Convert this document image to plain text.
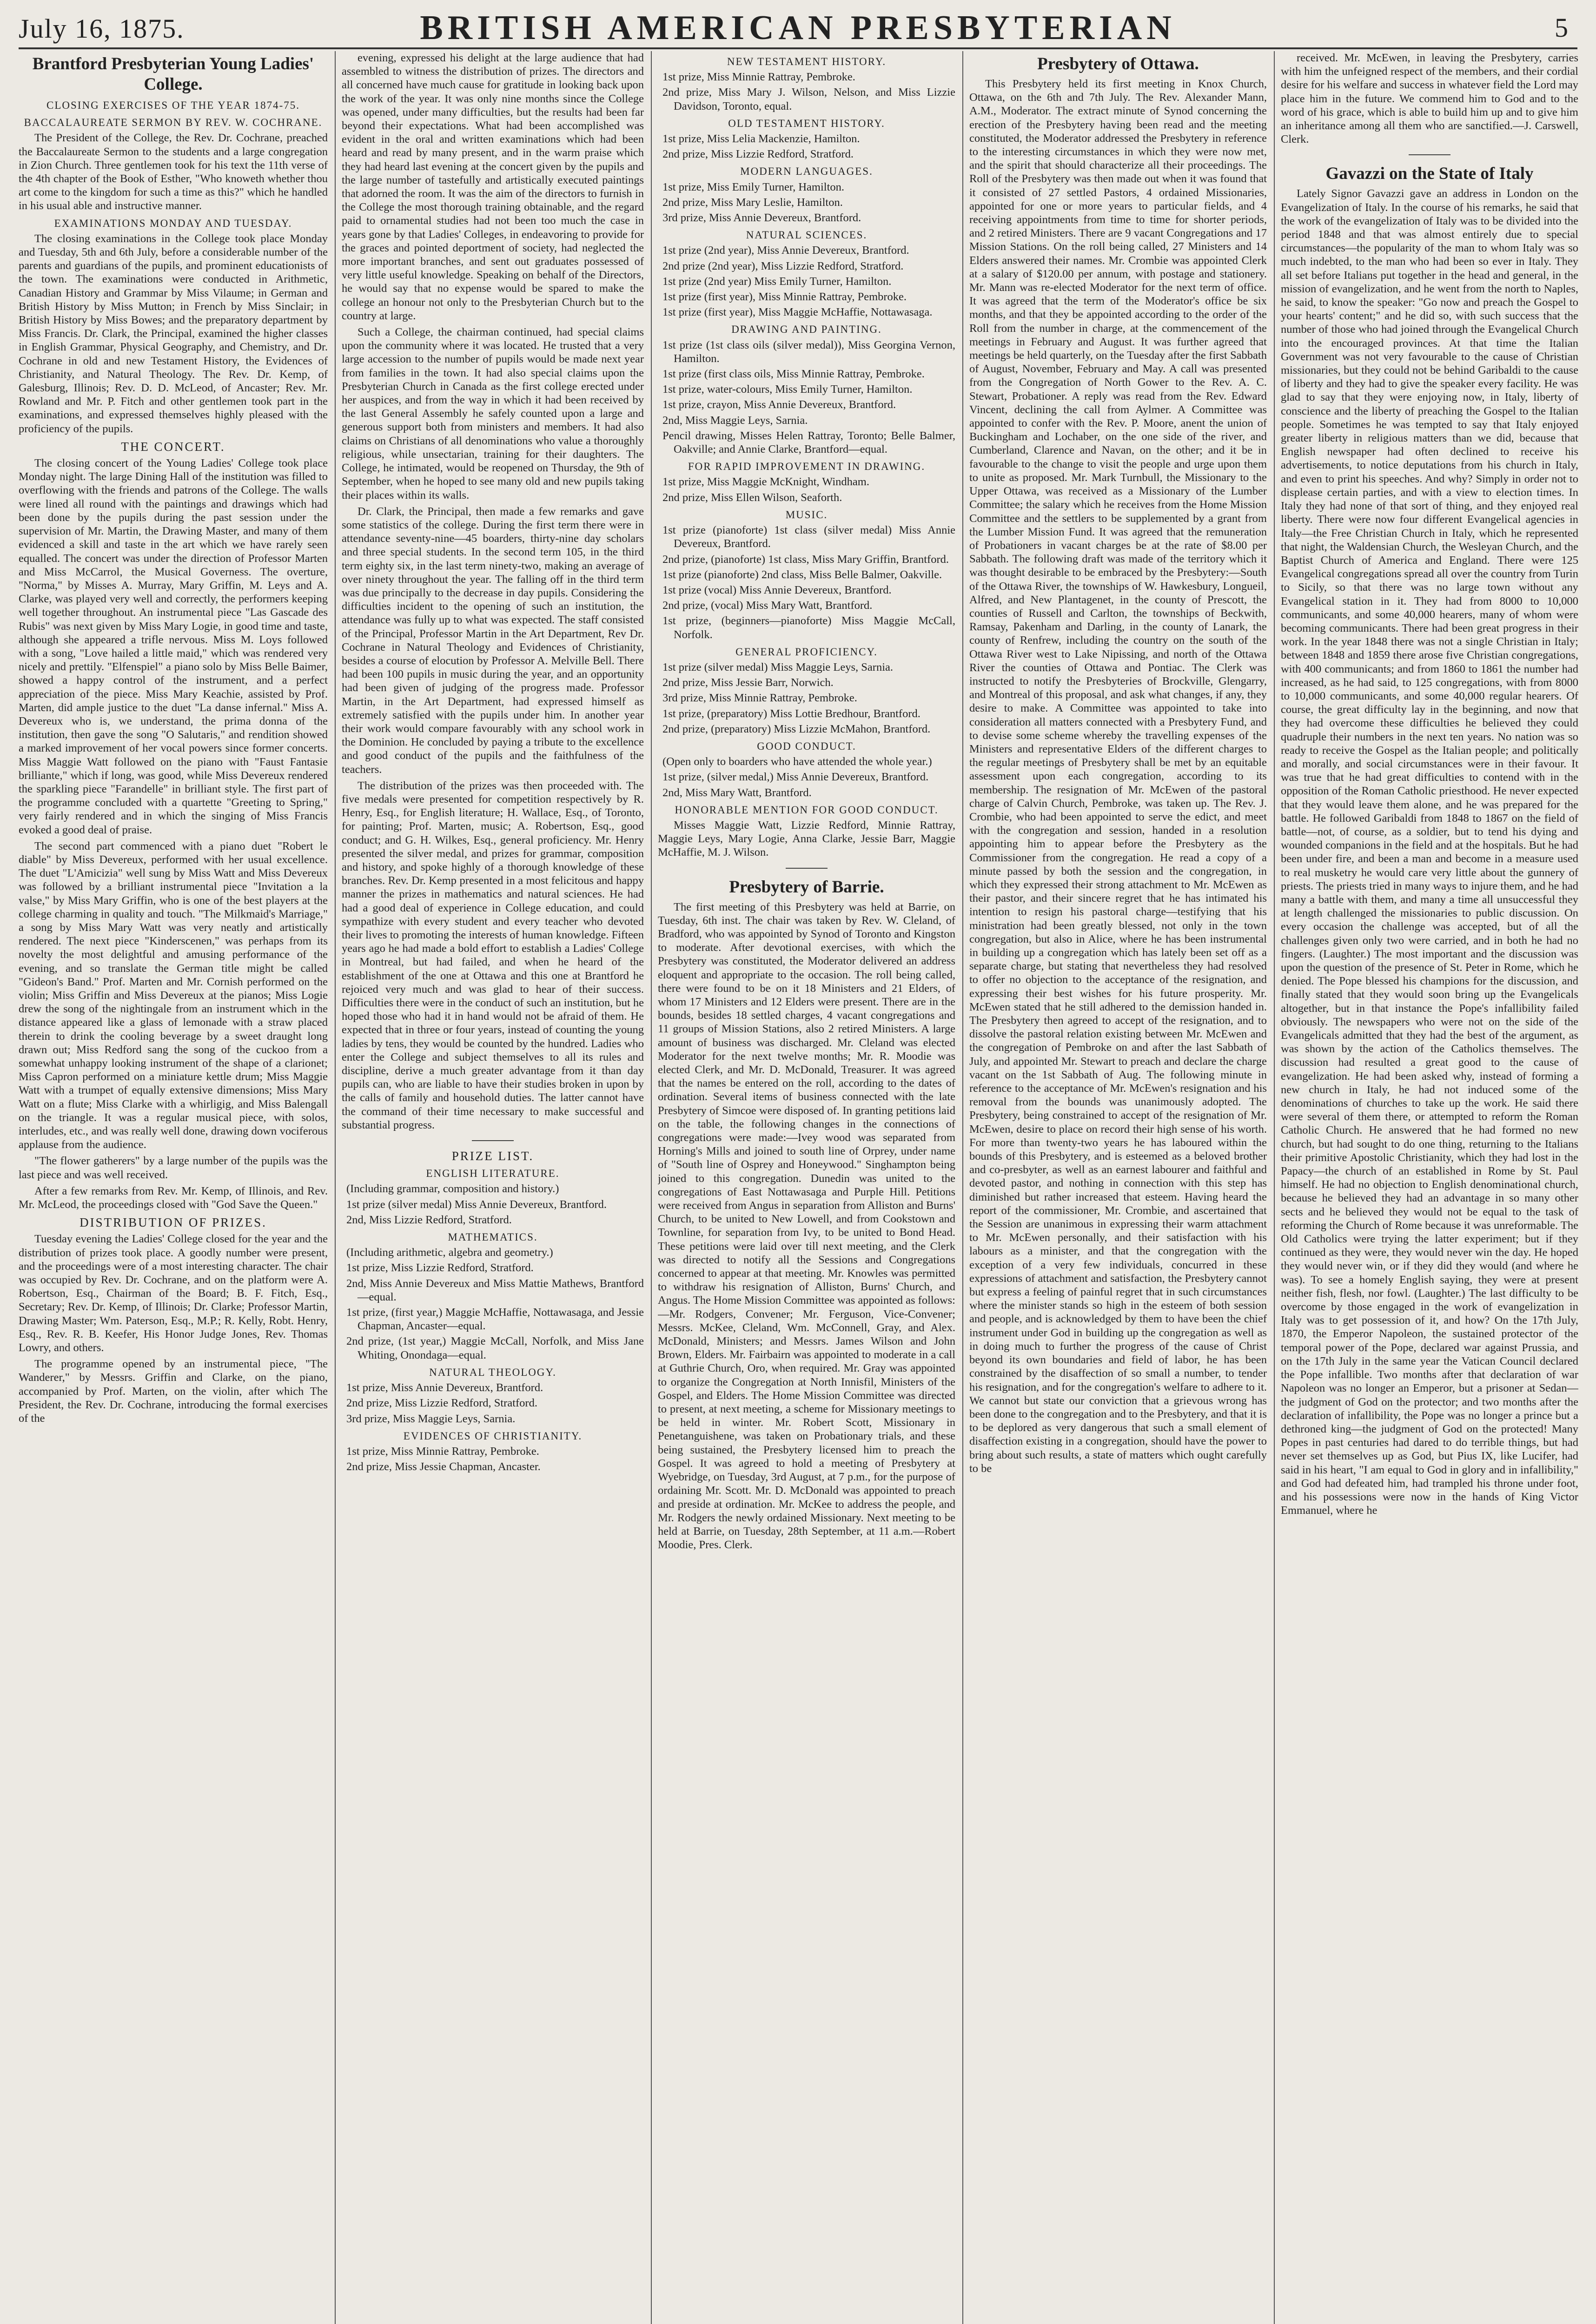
July 16, 1875.	BRITISH AMERICAN PRESBYTERIAN	5
Brantford Presbyterian Young Ladies' College.
CLOSING EXERCISES OF THE YEAR 1874-75.
BACCALAUREATE SERMON BY REV. W. COCHRANE.

The President of the College, the Rev. Dr. Cochrane, preached the Baccalaureate Sermon to the students and a large congregation in Zion Church. Three gentlemen took for his text the 11th verse of the 4th chapter of the Book of Esther, "Who knoweth whether thou art come to the kingdom for such a time as this?" which he handled in his usual able and instructive manner.

EXAMINATIONS MONDAY AND TUESDAY.

The closing examinations in the College took place Monday and Tuesday, 5th and 6th July, before a considerable number of the parents and guardians of the pupils, and prominent educationists of the town. The examinations were conducted in Arithmetic, Canadian History and Grammar by Miss Vilaume; in German and British History by Miss Mutton; in French by Miss Sinclair; in British History by Miss Bowes; and the preparatory department by Miss Francis. Dr. Clark, the Principal, examined the higher classes in English Grammar, Physical Geography, and Chemistry, and Dr. Cochrane in old and new Testament History, the Evidences of Christianity, and Natural Theology. The Rev. Dr. Kemp, of Galesburg, Illinois; Rev. D. D. McLeod, of Ancaster; Rev. Mr. Rowland and Mr. P. Fitch and other gentlemen took part in the examinations, and expressed themselves highly pleased with the proficiency of the pupils.

THE CONCERT.

The closing concert of the Young Ladies' College took place Monday night. The large Dining Hall of the institution was filled to overflowing with the friends and patrons of the College. The walls were lined all round with the paintings and drawings which had been done by the pupils during the past session under the supervision of Mr. Martin, the Drawing Master, and many of them evidenced a skill and taste in the art which we have rarely seen equalled. The concert was under the direction of Professor Marten and Miss McCarrol, the Musical Governess. The overture, "Norma," by Misses A. Murray, Mary Griffin, M. Leys and A. Clarke, was played very well and correctly, the performers keeping well together throughout. An instrumental piece "Las Gascade des Rubis" was next given by Miss Mary Logie, in good time and taste, although she appeared a trifle nervous. Miss M. Loys followed with a song, "Love hailed a little maid," which was rendered very nicely and prettily. "Elfenspiel" a piano solo by Miss Belle Baimer, showed a happy control of the instrument, and a perfect appreciation of the piece. Miss Mary Keachie, assisted by Prof. Marten, did ample justice to the duet "La danse infernal." Miss A. Devereux who is, we understand, the prima donna of the institution, then gave the song "O Salutaris," and rendition showed a marked improvement of her vocal powers since former concerts. Miss Maggie Watt followed on the piano with "Faust Fantasie brilliante," which if long, was good, while Miss Devereux rendered the sparkling piece "Farandelle" in brilliant style. The first part of the programme concluded with a quartette "Greeting to Spring," very fairly rendered and in which the singing of Miss Francis evoked a good deal of praise.

The second part commenced with a piano duet "Robert le diable" by Miss Devereux, performed with her usual excellence. The duet "L'Amicizia" well sung by Miss Watt and Miss Devereux was followed by a brilliant instrumental piece "Invitation a la valse," by Miss Mary Griffin, who is one of the best players at the college charming in quality and touch. "The Milkmaid's Marriage," a song by Miss Mary Watt was very neatly and artistically rendered. The next piece "Kinderscenen," was perhaps from its novelty the most delightful and amusing performance of the evening, and so translate the German title might be called "Gideon's Band." Prof. Marten and Mr. Cornish performed on the violin; Miss Griffin and Miss Devereux at the pianos; Miss Logie drew the song of the nightingale from an instrument which in the distance appeared like a glass of lemonade with a straw placed therein to drink the cooling beverage by a sweet draught long drawn out; Miss Redford sang the song of the cuckoo from a somewhat unhappy looking instrument of the shape of a clarionet; Miss Capron performed on a miniature kettle drum; Miss Maggie Watt with a trumpet of equally extensive dimensions; Miss Mary Watt on a flute; Miss Clarke with a whirligig, and Miss Balengall on the triangle. It was a regular musical piece, with solos, interludes, etc., and was really well done, drawing down vociferous applause from the audience.

"The flower gatherers" by a large number of the pupils was the last piece and was well received.

After a few remarks from Rev. Mr. Kemp, of Illinois, and Rev. Mr. McLeod, the proceedings closed with "God Save the Queen."

DISTRIBUTION OF PRIZES.

Tuesday evening the Ladies' College closed for the year and the distribution of prizes took place. A goodly number were present, and the proceedings were of a most interesting character. The chair was occupied by Rev. Dr. Cochrane, and on the platform were A. Robertson, Esq., Chairman of the Board; B. F. Fitch, Esq., Secretary; Rev. Dr. Kemp, of Illinois; Dr. Clarke; Professor Martin, Drawing Master; Wm. Paterson, Esq., M.P.; R. Kelly, Robt. Henry, Esq., Rev. R. B. Keefer, His Honor Judge Jones, Rev. Thomas Lowry, and others.

The programme opened by an instrumental piece, "The Wanderer," by Messrs. Griffin and Clarke, on the piano, accompanied by Prof. Marten, on the violin, after which The President, the Rev. Dr. Cochrane, introducing the formal exercises of the

evening, expressed his delight at the large audience that had assembled to witness the distribution of prizes. The directors and all concerned have much cause for gratitude in looking back upon the work of the year. It was only nine months since the College was opened, under many difficulties, but the results had been far beyond their expectations. What had been accomplished was evident in the oral and written examinations which had been heard and read by many present, and in the warm praise which they had heard last evening at the concert given by the pupils and the large number of tastefully and artistically executed paintings that adorned the room. It was the aim of the directors to furnish in the College the most thorough training obtainable, and the regard paid to ornamental studies had not been too much the case in years gone by that Ladies' Colleges, in endeavoring to provide for the graces and pointed deportment of society, had neglected the more important branches, and sent out graduates possessed of very little useful knowledge. Speaking on behalf of the Directors, he would say that no expense would be spared to make the college an honour not only to the Presbyterian Church but to the country at large.

Such a College, the chairman continued, had special claims upon the community where it was located. He trusted that a very large accession to the number of pupils would be made next year from families in the town. It had also special claims upon the Presbyterian Church in Canada as the first college erected under her auspices, and from the way in which it had been received by the last General Assembly he safely counted upon a large and generous support both from ministers and members. It had also claims on Christians of all denominations who value a thoroughly religious, while unsectarian, training for their daughters. The College, he intimated, would be reopened on Thursday, the 9th of September, when he hoped to see many old and new pupils taking their places within its walls.

Dr. Clark, the Principal, then made a few remarks and gave some statistics of the college. During the first term there were in attendance seventy-nine—45 boarders, thirty-nine day scholars and three special students. In the second term 105, in the third term eighty six, in the last term ninety-two, making an average of over ninety throughout the year. The falling off in the third term was due principally to the decrease in day pupils. Considering the difficulties incident to the opening of such an institution, the attendance was fully up to what was expected. The staff consisted of the Principal, Professor Martin in the Art Department, Rev Dr. Cochrane in Natural Theology and Evidences of Christianity, besides a course of elocution by Professor A. Melville Bell. There had been 100 pupils in music during the year, and an opportunity had been given of judging of the progress made. Professor Martin, in the Art Department, had expressed himself as extremely satisfied with the pupils under him. In another year their work would compare favourably with any school work in the Dominion. He concluded by paying a tribute to the excellence and good conduct of the pupils and the faithfulness of the teachers.

The distribution of the prizes was then proceeded with. The five medals were presented for competition respectively by R. Henry, Esq., for English literature; H. Wallace, Esq., of Toronto, for painting; Prof. Marten, music; A. Robertson, Esq., good conduct; and G. H. Wilkes, Esq., general proficiency. Mr. Henry presented the silver medal, and prizes for grammar, composition and history, and spoke highly of a thorough knowledge of these branches. Rev. Dr. Kemp presented in a most felicitous and happy manner the prizes in mathematics and natural sciences. He had had a good deal of experience in College education, and could sympathize with every student and every teacher who devoted their lives to promoting the interests of human knowledge. Fifteen years ago he had made a bold effort to establish a Ladies' College in Montreal, but had failed, and when he heard of the establishment of the one at Ottawa and this one at Brantford he rejoiced very much and was glad to hear of their success. Difficulties there were in the conduct of such an institution, but he hoped those who had it in hand would not be afraid of them. He expected that in three or four years, instead of counting the young ladies by tens, they would be counted by the hundred. Ladies who enter the College and subject themselves to all its rules and discipline, derive a much greater advantage from it than day pupils can, who are liable to have their studies broken in upon by the calls of family and household duties. The latter cannot have the command of their time necessary to make successful and substantial progress.

PRIZE LIST.
ENGLISH LITERATURE.

(Including grammar, composition and history.)

1st prize (silver medal) Miss Annie Devereux, Brantford.

2nd, Miss Lizzie Redford, Stratford.

MATHEMATICS.

(Including arithmetic, algebra and geometry.)

1st prize, Miss Lizzie Redford, Stratford.

2nd, Miss Annie Devereux and Miss Mattie Mathews, Brantford—equal.

1st prize, (first year,) Maggie McHaffie, Nottawasaga, and Jessie Chapman, Ancaster—equal.

2nd prize, (1st year,) Maggie McCall, Norfolk, and Miss Jane Whiting, Onondaga—equal.

NATURAL THEOLOGY.

1st prize, Miss Annie Devereux, Brantford.

2nd prize, Miss Lizzie Redford, Stratford.

3rd prize, Miss Maggie Leys, Sarnia.

EVIDENCES OF CHRISTIANITY.

1st prize, Miss Minnie Rattray, Pembroke.

2nd prize, Miss Jessie Chapman, Ancaster.

NEW TESTAMENT HISTORY.

1st prize, Miss Minnie Rattray, Pembroke.

2nd prize, Miss Mary J. Wilson, Nelson, and Miss Lizzie Davidson, Toronto, equal.

OLD TESTAMENT HISTORY.

1st prize, Miss Lelia Mackenzie, Hamilton.

2nd prize, Miss Lizzie Redford, Stratford.

MODERN LANGUAGES.

1st prize, Miss Emily Turner, Hamilton.

2nd prize, Miss Mary Leslie, Hamilton.

3rd prize, Miss Annie Devereux, Brantford.

NATURAL SCIENCES.

1st prize (2nd year), Miss Annie Devereux, Brantford.

2nd prize (2nd year), Miss Lizzie Redford, Stratford.

1st prize (2nd year) Miss Emily Turner, Hamilton.

1st prize (first year), Miss Minnie Rattray, Pembroke.

1st prize (first year), Miss Maggie McHaffie, Nottawasaga.

DRAWING AND PAINTING.

1st prize (1st class oils (silver medal)), Miss Georgina Vernon, Hamilton.

1st prize (first class oils, Miss Minnie Rattray, Pembroke.

1st prize, water-colours, Miss Emily Turner, Hamilton.

1st prize, crayon, Miss Annie Devereux, Brantford.

2nd, Miss Maggie Leys, Sarnia.

Pencil drawing, Misses Helen Rattray, Toronto; Belle Balmer, Oakville; and Annie Clarke, Brantford—equal.

FOR RAPID IMPROVEMENT IN DRAWING.

1st prize, Miss Maggie McKnight, Windham.

2nd prize, Miss Ellen Wilson, Seaforth.

MUSIC.

1st prize (pianoforte) 1st class (silver medal) Miss Annie Devereux, Brantford.

2nd prize, (pianoforte) 1st class, Miss Mary Griffin, Brantford.

1st prize (pianoforte) 2nd class, Miss Belle Balmer, Oakville.

1st prize (vocal) Miss Annie Devereux, Brantford.

2nd prize, (vocal) Miss Mary Watt, Brantford.

1st prize, (beginners—pianoforte) Miss Maggie McCall, Norfolk.

GENERAL PROFICIENCY.

1st prize (silver medal) Miss Maggie Leys, Sarnia.

2nd prize, Miss Jessie Barr, Norwich.

3rd prize, Miss Minnie Rattray, Pembroke.

1st prize, (preparatory) Miss Lottie Bredhour, Brantford.

2nd prize, (preparatory) Miss Lizzie McMahon, Brantford.

GOOD CONDUCT.

(Open only to boarders who have attended the whole year.)

1st prize, (silver medal,) Miss Annie Devereux, Brantford.

2nd, Miss Mary Watt, Brantford.

HONORABLE MENTION FOR GOOD CONDUCT.

Misses Maggie Watt, Lizzie Redford, Minnie Rattray, Maggie Leys, Mary Logie, Anna Clarke, Jessie Barr, Maggie McHaffie, M. J. Wilson.

Presbytery of Barrie.

The first meeting of this Presbytery was held at Barrie, on Tuesday, 6th inst. The chair was taken by Rev. W. Cleland, of Bradford, who was appointed by Synod of Toronto and Kingston to moderate. After devotional exercises, with which the Presbytery was constituted, the Moderator delivered an address eloquent and appropriate to the occasion. The roll being called, there were found to be on it 18 Ministers and 21 Elders, of whom 17 Ministers and 12 Elders were present. There are in the bounds, besides 18 settled charges, 4 vacant congregations and 11 groups of Mission Stations, also 2 retired Ministers. A large amount of business was discharged. Mr. Cleland was elected Moderator for the next twelve months; Mr. R. Moodie was elected Clerk, and Mr. D. McDonald, Treasurer. It was agreed that the names be entered on the roll, according to the dates of ordination. Several items of business connected with the late Presbytery of Simcoe were disposed of. In granting petitions laid on the table, the following changes in the connections of congregations were made:—Ivey wood was separated from Horning's Mills and joined to south line of Orprey, under name of "South line of Osprey and Honeywood." Singhampton being joined to this congregation. Dunedin was united to the congregations of East Nottawasaga and Purple Hill. Petitions were received from Angus in separation from Alliston and Burns' Church, to be united to New Lowell, and from Cookstown and Townline, for separation from Ivy, to be united to Bond Head. These petitions were laid over till next meeting, and the Clerk was directed to notify all the Sessions and Congregations concerned to appear at that meeting. Mr. Knowles was permitted to withdraw his resignation of Alliston, Burns' Church, and Angus. The Home Mission Committee was appointed as follows:—Mr. Rodgers, Convener; Mr. Ferguson, Vice-Convener; Messrs. McKee, Cleland, Wm. McConnell, Gray, and Alex. McDonald, Ministers; and Messrs. James Wilson and John Brown, Elders. Mr. Fairbairn was appointed to moderate in a call at Guthrie Church, Oro, when required. Mr. Gray was appointed to organize the Congregation at North Innisfil, Ministers of the Gospel, and Elders. The Home Mission Committee was directed to present, at next meeting, a scheme for Missionary meetings to be held in winter. Mr. Robert Scott, Missionary in Penetanguishene, was taken on Probationary trials, and these being sustained, the Presbytery licensed him to preach the Gospel. It was agreed to hold a meeting of Presbytery at Wyebridge, on Tuesday, 3rd August, at 7 p.m., for the purpose of ordaining Mr. Scott. Mr. D. McDonald was appointed to preach and preside at ordination. Mr. McKee to address the people, and Mr. Rodgers the newly ordained Missionary. Next meeting to be held at Barrie, on Tuesday, 28th September, at 11 a.m.—Robert Moodie, Pres. Clerk.

Presbytery of Ottawa.

This Presbytery held its first meeting in Knox Church, Ottawa, on the 6th and 7th July. The Rev. Alexander Mann, A.M., Moderator. The extract minute of Synod concerning the erection of the Presbytery having been read and the meeting constituted, the Moderator addressed the Presbytery in reference to the interesting circumstances in which they were now met, and the spirit that should characterize all their proceedings. The Roll of the Presbytery was then made out when it was found that it consisted of 27 settled Pastors, 4 ordained Missionaries, appointed for one or more years to particular fields, and 4 receiving appointments from time to time for shorter periods, and 2 retired Ministers. There are 9 vacant Congregations and 17 Mission Stations. On the roll being called, 27 Ministers and 14 Elders answered their names. Mr. Crombie was appointed Clerk at a salary of $120.00 per annum, with postage and stationery. Mr. Mann was re-elected Moderator for the next term of office. It was agreed that the term of the Moderator's office be six months, and that they be appointed according to the order of the Roll from the number in charge, at the commencement of the meetings in February and August. It was further agreed that meetings be held quarterly, on the Tuesday after the first Sabbath of August, November, February and May. A call was presented from the Congregation of North Gower to the Rev. A. C. Stewart, Probationer. A reply was read from the Rev. Edward Vincent, declining the call from Aylmer. A Committee was appointed to confer with the Rev. P. Moore, anent the union of Buckingham and Lochaber, on the one side of the river, and Cumberland, Clarence and Navan, on the other; and it be in favourable to the change to visit the people and urge upon them to unite as proposed. Mr. Mark Turnbull, the Missionary to the Upper Ottawa, was received as a Missionary of the Lumber Committee; the salary which he receives from the Home Mission Committee and the settlers to be supplemented by a grant from the Lumber Mission Fund. It was agreed that the remuneration of Probationers in vacant charges be at the rate of $8.00 per Sabbath. The following draft was made of the territory which it was thought desirable to be embraced by the Presbytery:—South of the Ottawa River, the townships of W. Hawkesbury, Longueil, Alfred, and New Plantagenet, in the county of Prescott, the counties of Russell and Carlton, the townships of Beckwith, Ramsay, Pakenham and Darling, in the county of Lanark, the county of Renfrew, including the country on the south of the Ottawa River west to Lake Nipissing, and north of the Ottawa River the counties of Ottawa and Pontiac. The Clerk was instructed to notify the Presbyteries of Brockville, Glengarry, and Montreal of this proposal, and ask what changes, if any, they desire to make. A Committee was appointed to take into consideration all matters connected with a Presbytery Fund, and to devise some scheme whereby the travelling expenses of the Ministers and representative Elders of the different charges to the regular meetings of Presbytery shall be met by an equitable assessment upon each congregation, according to its membership. The resignation of Mr. McEwen of the pastoral charge of Calvin Church, Pembroke, was taken up. The Rev. J. Crombie, who had been appointed to serve the edict, and meet with the congregation and session, handed in a resolution appointing him to appear before the Presbytery as the Commissioner from the congregation. He read a copy of a minute passed by both the session and the congregation, in which they expressed their strong attachment to Mr. McEwen as their pastor, and their sincere regret that he has intimated his intention to resign his pastoral charge—testifying that his ministration had been greatly blessed, not only in the town congregation, but also in Alice, where he has been instrumental in building up a congregation which has lately been set off as a separate charge, but stating that nevertheless they had resolved to offer no objection to the acceptance of the resignation, and expressing their best wishes for his future prosperity. Mr. McEwen stated that he still adhered to the demission handed in. The Presbytery then agreed to accept of the resignation, and to dissolve the pastoral relation existing between Mr. McEwen and the congregation of Pembroke on and after the last Sabbath of July, and appointed Mr. Stewart to preach and declare the charge vacant on the 1st Sabbath of Aug. The following minute in reference to the acceptance of Mr. McEwen's resignation and his removal from the bounds was unanimously adopted. The Presbytery, being constrained to accept of the resignation of Mr. McEwen, desire to place on record their high sense of his worth. For more than twenty-two years he has laboured within the bounds of this Presbytery, and is esteemed as a beloved brother and co-presbyter, as well as an earnest labourer and faithful and devoted pastor, and nothing in connection with this step has diminished but rather increased that esteem. Having heard the report of the commissioner, Mr. Crombie, and ascertained that the Session are unanimous in expressing their warm attachment to Mr. McEwen personally, and their satisfaction with his labours as a minister, and that the congregation with the exception of a very few individuals, concurred in these expressions of attachment and satisfaction, the Presbytery cannot but express a feeling of painful regret that in such circumstances where the minister stands so high in the esteem of both session and people, and is acknowledged by them to have been the chief instrument under God in building up the congregation as well as in doing much to further the progress of the cause of Christ beyond its own boundaries and field of labor, he has been constrained by the disaffection of so small a number, to tender his resignation, and for the congregation's welfare to adhere to it. We cannot but state our conviction that a grievous wrong has been done to the congregation and to the Presbytery, and that it is to be deplored as very dangerous that such a small element of disaffection existing in a congregation, should have the power to bring about such results, a state of matters which ought carefully to be

received. Mr. McEwen, in leaving the Presbytery, carries with him the unfeigned respect of the members, and their cordial desire for his welfare and success in whatever field the Lord may place him in the future. We commend him to God and to the word of his grace, which is able to build him up and to give him an inheritance among all them who are sanctified.—J. Carswell, Clerk.

Gavazzi on the State of Italy

Lately Signor Gavazzi gave an address in London on the Evangelization of Italy. In the course of his remarks, he said that the work of the evangelization of Italy was to be divided into the period 1848 and that was almost entirely due to special circumstances—the popularity of the man to whom Italy was so much indebted, to the man who had been so ever in Italy. They all set before Italians put together in the head and general, in the mission of evangelization, and he went from the north to Naples, he said, to know the speaker: "Go now and preach the Gospel to your hearts' content;" and he did so, with such success that the number of those who had joined through the Evangelical Church into the encouraged provinces. At that time the Italian Government was not very favourable to the cause of Christian missionaries, but they could not be behind Garibaldi to the cause of liberty and they had to give the speaker every facility. He was glad to say that they were enjoying now, in Italy, liberty of conscience and the liberty of preaching the Gospel to the Italian people. Sometimes he was tempted to say that Italy enjoyed greater liberty in religious matters than we did, because that English newspaper had often declined to receive his advertisements, to notice deputations from his church in Italy, and even to print his speeches. And why? Simply in order not to displease certain parties, and with a view to election times. In Italy they had none of that sort of thing, and they enjoyed real liberty. There were now four different Evangelical agencies in Italy—the Free Christian Church in Italy, which he represented that night, the Waldensian Church, the Wesleyan Church, and the Baptist Church of America and England. There were 125 Evangelical congregations spread all over the country from Turin to Sicily, so that there was no large town without any Evangelical station in it. They had from 8000 to 10,000 communicants, and some 40,000 hearers, many of whom were becoming communicants. There had been great progress in their work. In the year 1848 there was not a single Christian in Italy; between 1848 and 1859 there arose five Christian congregations, with 400 communicants; and from 1860 to 1861 the number had increased, as he had said, to 125 congregations, with from 8000 to 10,000 communicants, and some 40,000 regular hearers. Of course, the great difficulty lay in the beginning, and now that they had overcome these difficulties he believed they could quadruple their numbers in the next ten years. No nation was so ready to receive the Gospel as the Italian people; and politically and morally, and social circumstances were in their favour. It was true that he had great difficulties to contend with in the opposition of the Roman Catholic priesthood. He never expected that they would leave them alone, and he was prepared for the battle. He followed Garibaldi from 1848 to 1867 on the field of battle—not, of course, as a soldier, but to tend his dying and wounded companions in the field and at the hospitals. But he had been under fire, and been a man and become in a measure used to real musketry he would care very little about the gunnery of priests. The priests tried in many ways to injure them, and he had many a battle with them, and many a time all unsuccessful they at length challenged the missionaries to public discussion. On every occasion the challenge was accepted, but of all the challenges given only two were carried, and in both he had no fingers. (Laughter.) The most important and the discussion was upon the question of the presence of St. Peter in Rome, which he denied. The Pope blessed his champions for the discussion, and finally stated that they would soon bring up the Evangelicals altogether, but in that instance the Pope's infallibility failed obviously. The newspapers who were not on the side of the Evangelicals admitted that they had the best of the argument, as was shown by the action of the Catholics themselves. The discussion had resulted a great good to the cause of evangelization. He had been asked why, instead of forming a new church in Italy, he had not induced some of the denominations of churches to take up the work. He said there were several of them there, or attempted to reform the Roman Catholic Church. He answered that he had formed no new church, but had sought to do one thing, returning to the Italians their primitive Apostolic Christianity, which they had lost in the Papacy—the church of an established in Rome by St. Paul himself. He had no objection to English denominational church, because he believed they had an advantage in so many other sects and he believed they would not be equal to the task of reforming the Church of Rome because it was unreformable. The Old Catholics were trying the latter experiment; but if they continued as they were, they would never win the day. He hoped they would never win, or if they did they would (and where he was). To see a homely English saying, they were at present neither fish, flesh, nor fowl. (Laughter.) The last difficulty to be overcome by those engaged in the work of evangelization in Italy was to get possession of it, and how? On the 17th July, 1870, the Emperor Napoleon, the sustained protector of the temporal power of the Pope, declared war against Prussia, and on the 17th July in the same year the Vatican Council declared the Pope infallible. Two months after that declaration of war Napoleon was no longer an Emperor, but a prisoner at Sedan—the judgment of God on the protector; and two months after the declaration of infallibility, the Pope was no longer a prince but a dethroned king—the judgment of God on the protected! Many Popes in past centuries had dared to do terrible things, but had never set themselves up as God, but Pius IX, like Lucifer, had said in his heart, "I am equal to God in glory and in infallibility," and God had defeated him, had trampled his throne under foot, and his possessions were now in the hands of King Victor Emmanuel, where he
